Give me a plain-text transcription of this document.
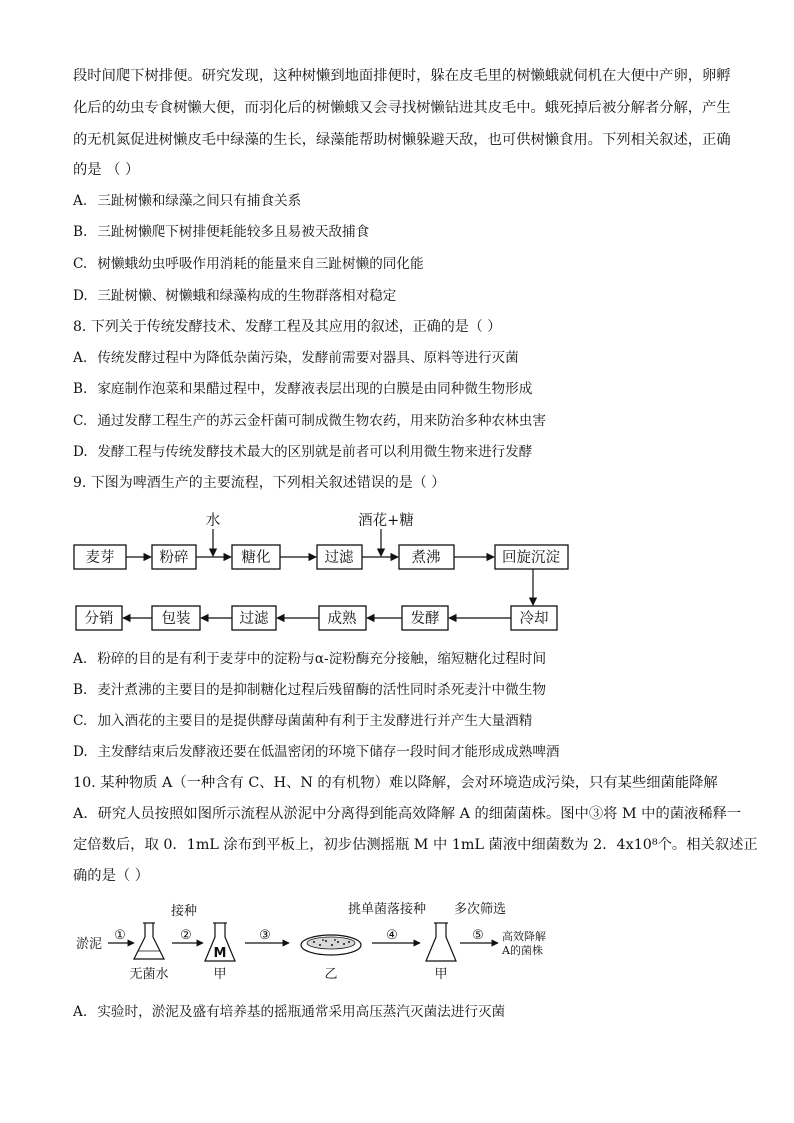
段时间爬下树排便。研究发现，这种树懒到地面排便时，躲在皮毛里的树懒蛾就伺机在大便中产卵，卵孵
化后的幼虫专食树懒大便，而羽化后的树懒蛾又会寻找树懒钻进其皮毛中。蛾死掉后被分解者分解，产生
的无机氮促进树懒皮毛中绿藻的生长，绿藻能帮助树懒躲避天敌，也可供树懒食用。下列相关叙述，正确
的是 （ ）
A. 三趾树懒和绿藻之间只有捕食关系
B. 三趾树懒爬下树排便耗能较多且易被天敌捕食
C. 树懒蛾幼虫呼吸作用消耗的能量来自三趾树懒的同化能
D. 三趾树懒、树懒蛾和绿藻构成的生物群落相对稳定
8. 下列关于传统发酵技术、发酵工程及其应用的叙述，正确的是（ ）
A. 传统发酵过程中为降低杂菌污染，发酵前需要对器具、原料等进行灭菌
B. 家庭制作泡菜和果醋过程中，发酵液表层出现的白膜是由同种微生物形成
C. 通过发酵工程生产的苏云金杆菌可制成微生物农药，用来防治多种农林虫害
D. 发酵工程与传统发酵技术最大的区别就是前者可以利用微生物来进行发酵
9. 下图为啤酒生产的主要流程，下列相关叙述错误的是（ ）
麦芽	粉碎	糖化	过滤	煮沸	回旋沉淀
分销	包装	过滤	成熟	发酵	冷却
水	酒花+糖
A. 粉碎的目的是有利于麦芽中的淀粉与α-淀粉酶充分接触，缩短糖化过程时间
B. 麦汁煮沸的主要目的是抑制糖化过程后残留酶的活性同时杀死麦汁中微生物
C. 加入酒花的主要目的是提供酵母菌菌种有利于主发酵进行并产生大量酒精
D. 主发酵结束后发酵液还要在低温密闭的环境下储存一段时间才能形成成熟啤酒
10. 某种物质 A（一种含有 C、H、N 的有机物）难以降解，会对环境造成污染，只有某些细菌能降解
A．研究人员按照如图所示流程从淤泥中分离得到能高效降解 A 的细菌菌株。图中③将 M 中的菌液稀释一
定倍数后，取 0．1mL 涂布到平板上，初步估测摇瓶 M 中 1mL 菌液中细菌数为 2．4x10⁸个。相关叙述正
确的是（ ）
淤泥
①	②	③	④	⑤
接种	挑单菌落接种 多次筛选
无菌水
M
甲	乙	甲
高效降解
A的菌株
A. 实验时，淤泥及盛有培养基的摇瓶通常采用高压蒸汽灭菌法进行灭菌
